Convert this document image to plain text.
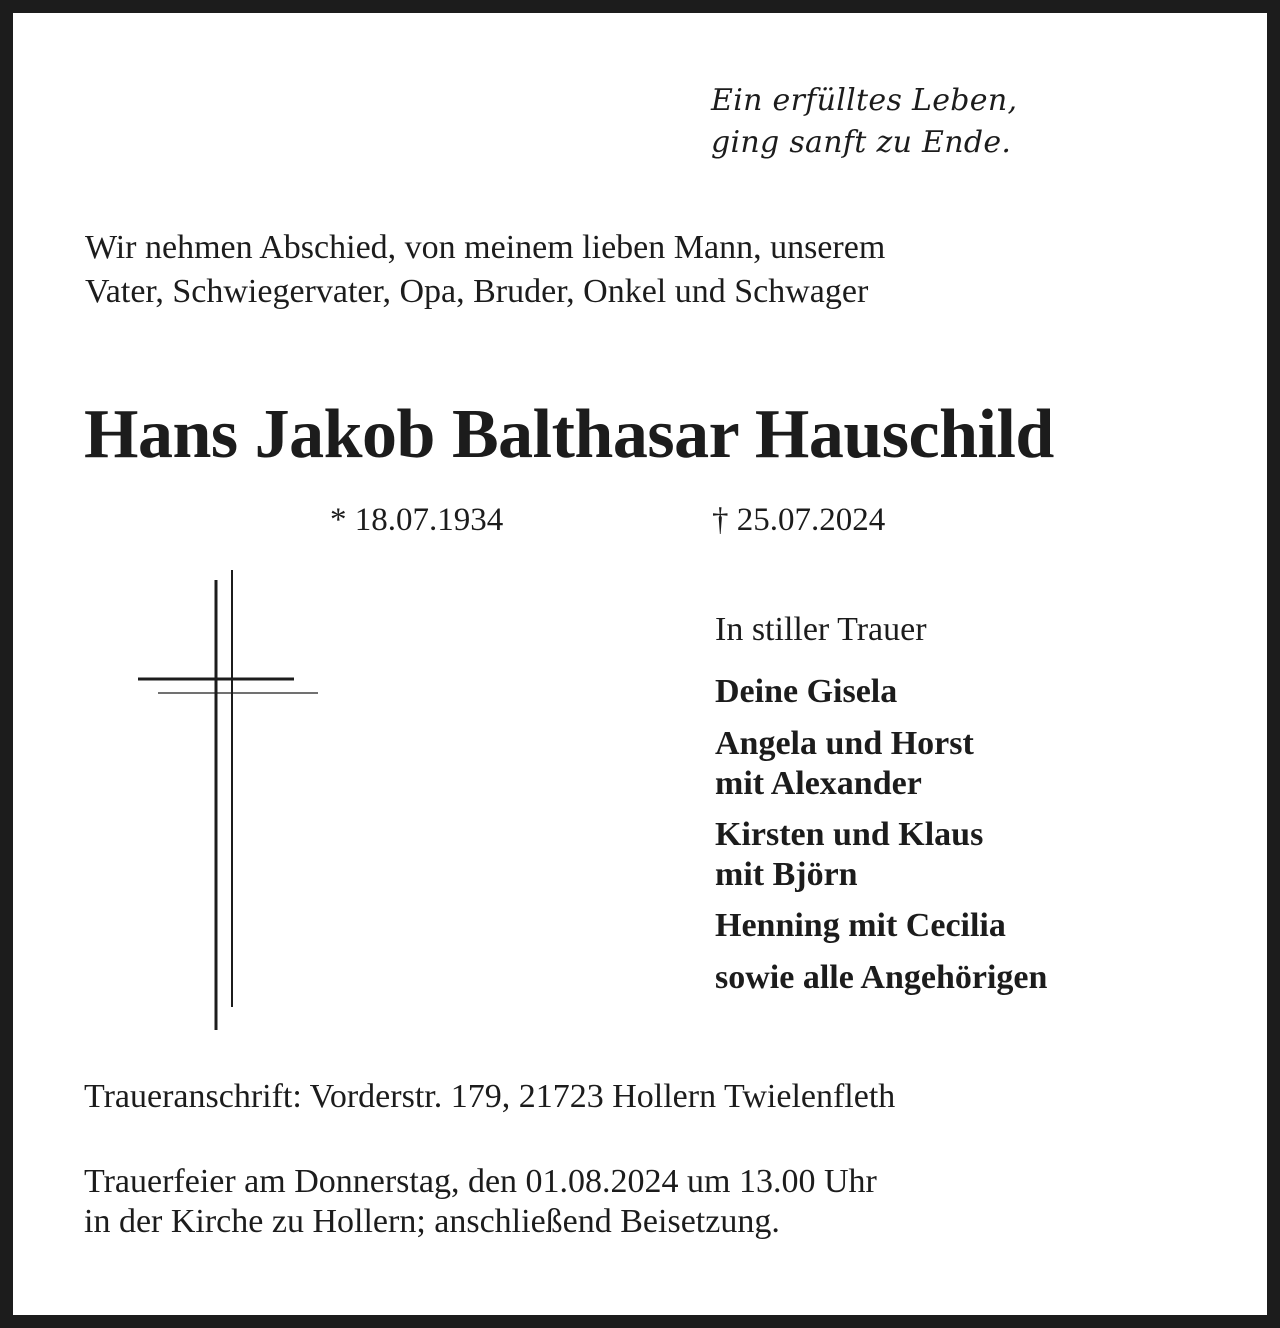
Ein erfülltes Leben,
ging sanft zu Ende.
Wir nehmen Abschied, von meinem lieben Mann, unserem
Vater, Schwiegervater, Opa, Bruder, Onkel und Schwager
Hans Jakob Balthasar Hauschild
* 18.07.1934	† 25.07.2024
In stiller Trauer
Deine Gisela
Angela und Horst
mit Alexander
Kirsten und Klaus
mit Björn
Henning mit Cecilia
sowie alle Angehörigen
Traueranschrift: Vorderstr. 179, 21723 Hollern Twielenfleth
Trauerfeier am Donnerstag, den 01.08.2024 um 13.00 Uhr
in der Kirche zu Hollern; anschließend Beisetzung.
